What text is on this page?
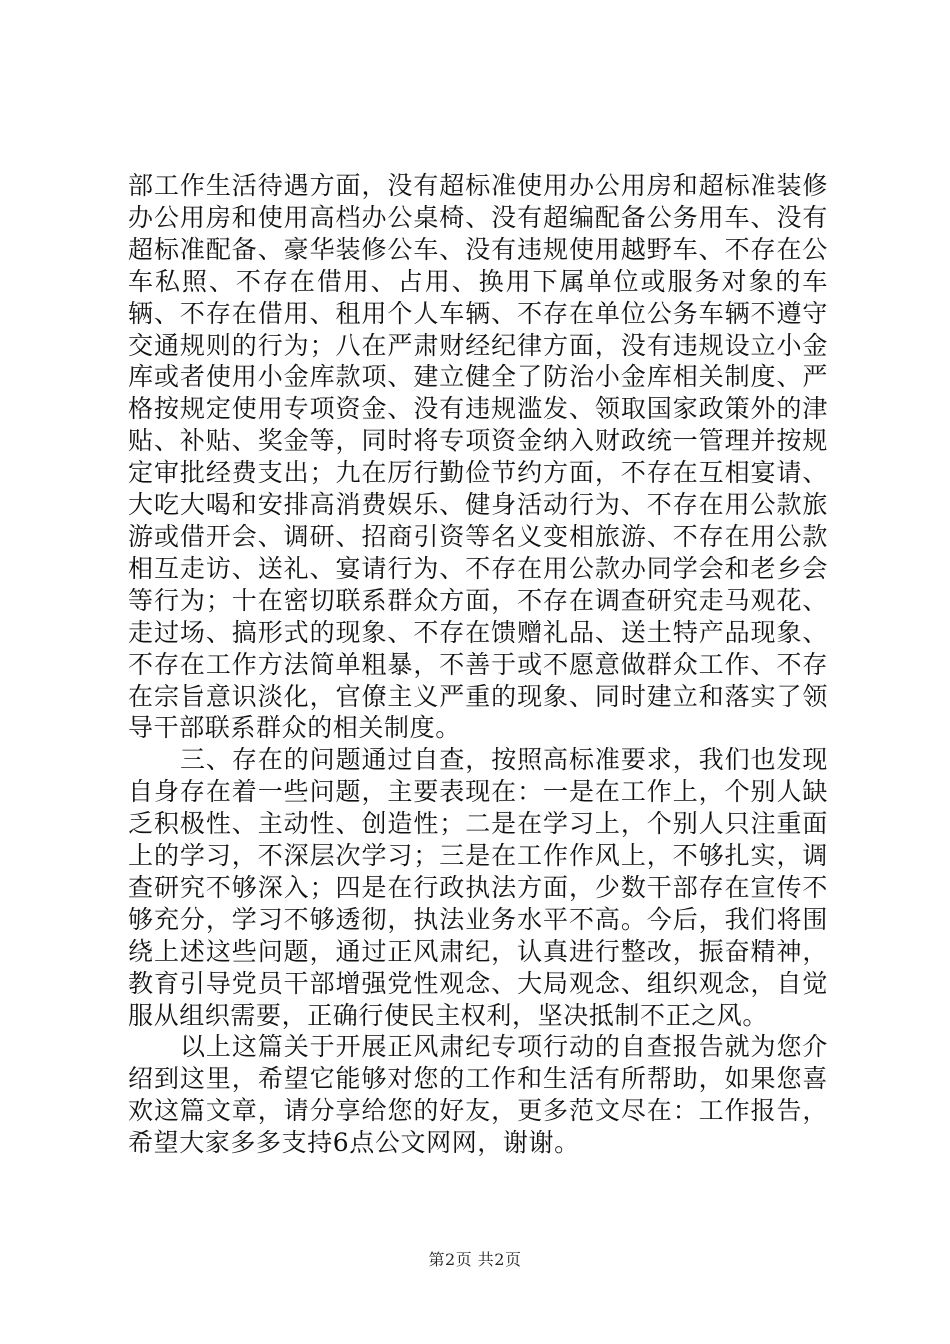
部工作生活待遇方面，没有超标准使用办公用房和超标准装修办公用房和使用高档办公桌椅、没有超编配备公务用车、没有超标准配备、豪华装修公车、没有违规使用越野车、不存在公车私照、不存在借用、占用、换用下属单位或服务对象的车辆、不存在借用、租用个人车辆、不存在单位公务车辆不遵守交通规则的行为；八在严肃财经纪律方面，没有违规设立小金库或者使用小金库款项、建立健全了防治小金库相关制度、严格按规定使用专项资金、没有违规滥发、领取国家政策外的津贴、补贴、奖金等，同时将专项资金纳入财政统一管理并按规定审批经费支出；九在厉行勤俭节约方面，不存在互相宴请、大吃大喝和安排高消费娱乐、健身活动行为、不存在用公款旅游或借开会、调研、招商引资等名义变相旅游、不存在用公款相互走访、送礼、宴请行为、不存在用公款办同学会和老乡会等行为；十在密切联系群众方面，不存在调查研究走马观花、走过场、搞形式的现象、不存在馈赠礼品、送土特产品现象、不存在工作方法简单粗暴，不善于或不愿意做群众工作、不存在宗旨意识淡化，官僚主义严重的现象、同时建立和落实了领导干部联系群众的相关制度。

三、存在的问题通过自查，按照高标准要求，我们也发现自身存在着一些问题，主要表现在：一是在工作上，个别人缺乏积极性、主动性、创造性；二是在学习上，个别人只注重面上的学习，不深层次学习；三是在工作作风上，不够扎实，调查研究不够深入；四是在行政执法方面，少数干部存在宣传不够充分，学习不够透彻，执法业务水平不高。今后，我们将围绕上述这些问题，通过正风肃纪，认真进行整改，振奋精神，教育引导党员干部增强党性观念、大局观念、组织观念，自觉服从组织需要，正确行使民主权利，坚决抵制不正之风。

以上这篇关于开展正风肃纪专项行动的自查报告就为您介绍到这里，希望它能够对您的工作和生活有所帮助，如果您喜欢这篇文章，请分享给您的好友，更多范文尽在：工作报告，希望大家多多支持6点公文网网，谢谢。

第2页 共2页
